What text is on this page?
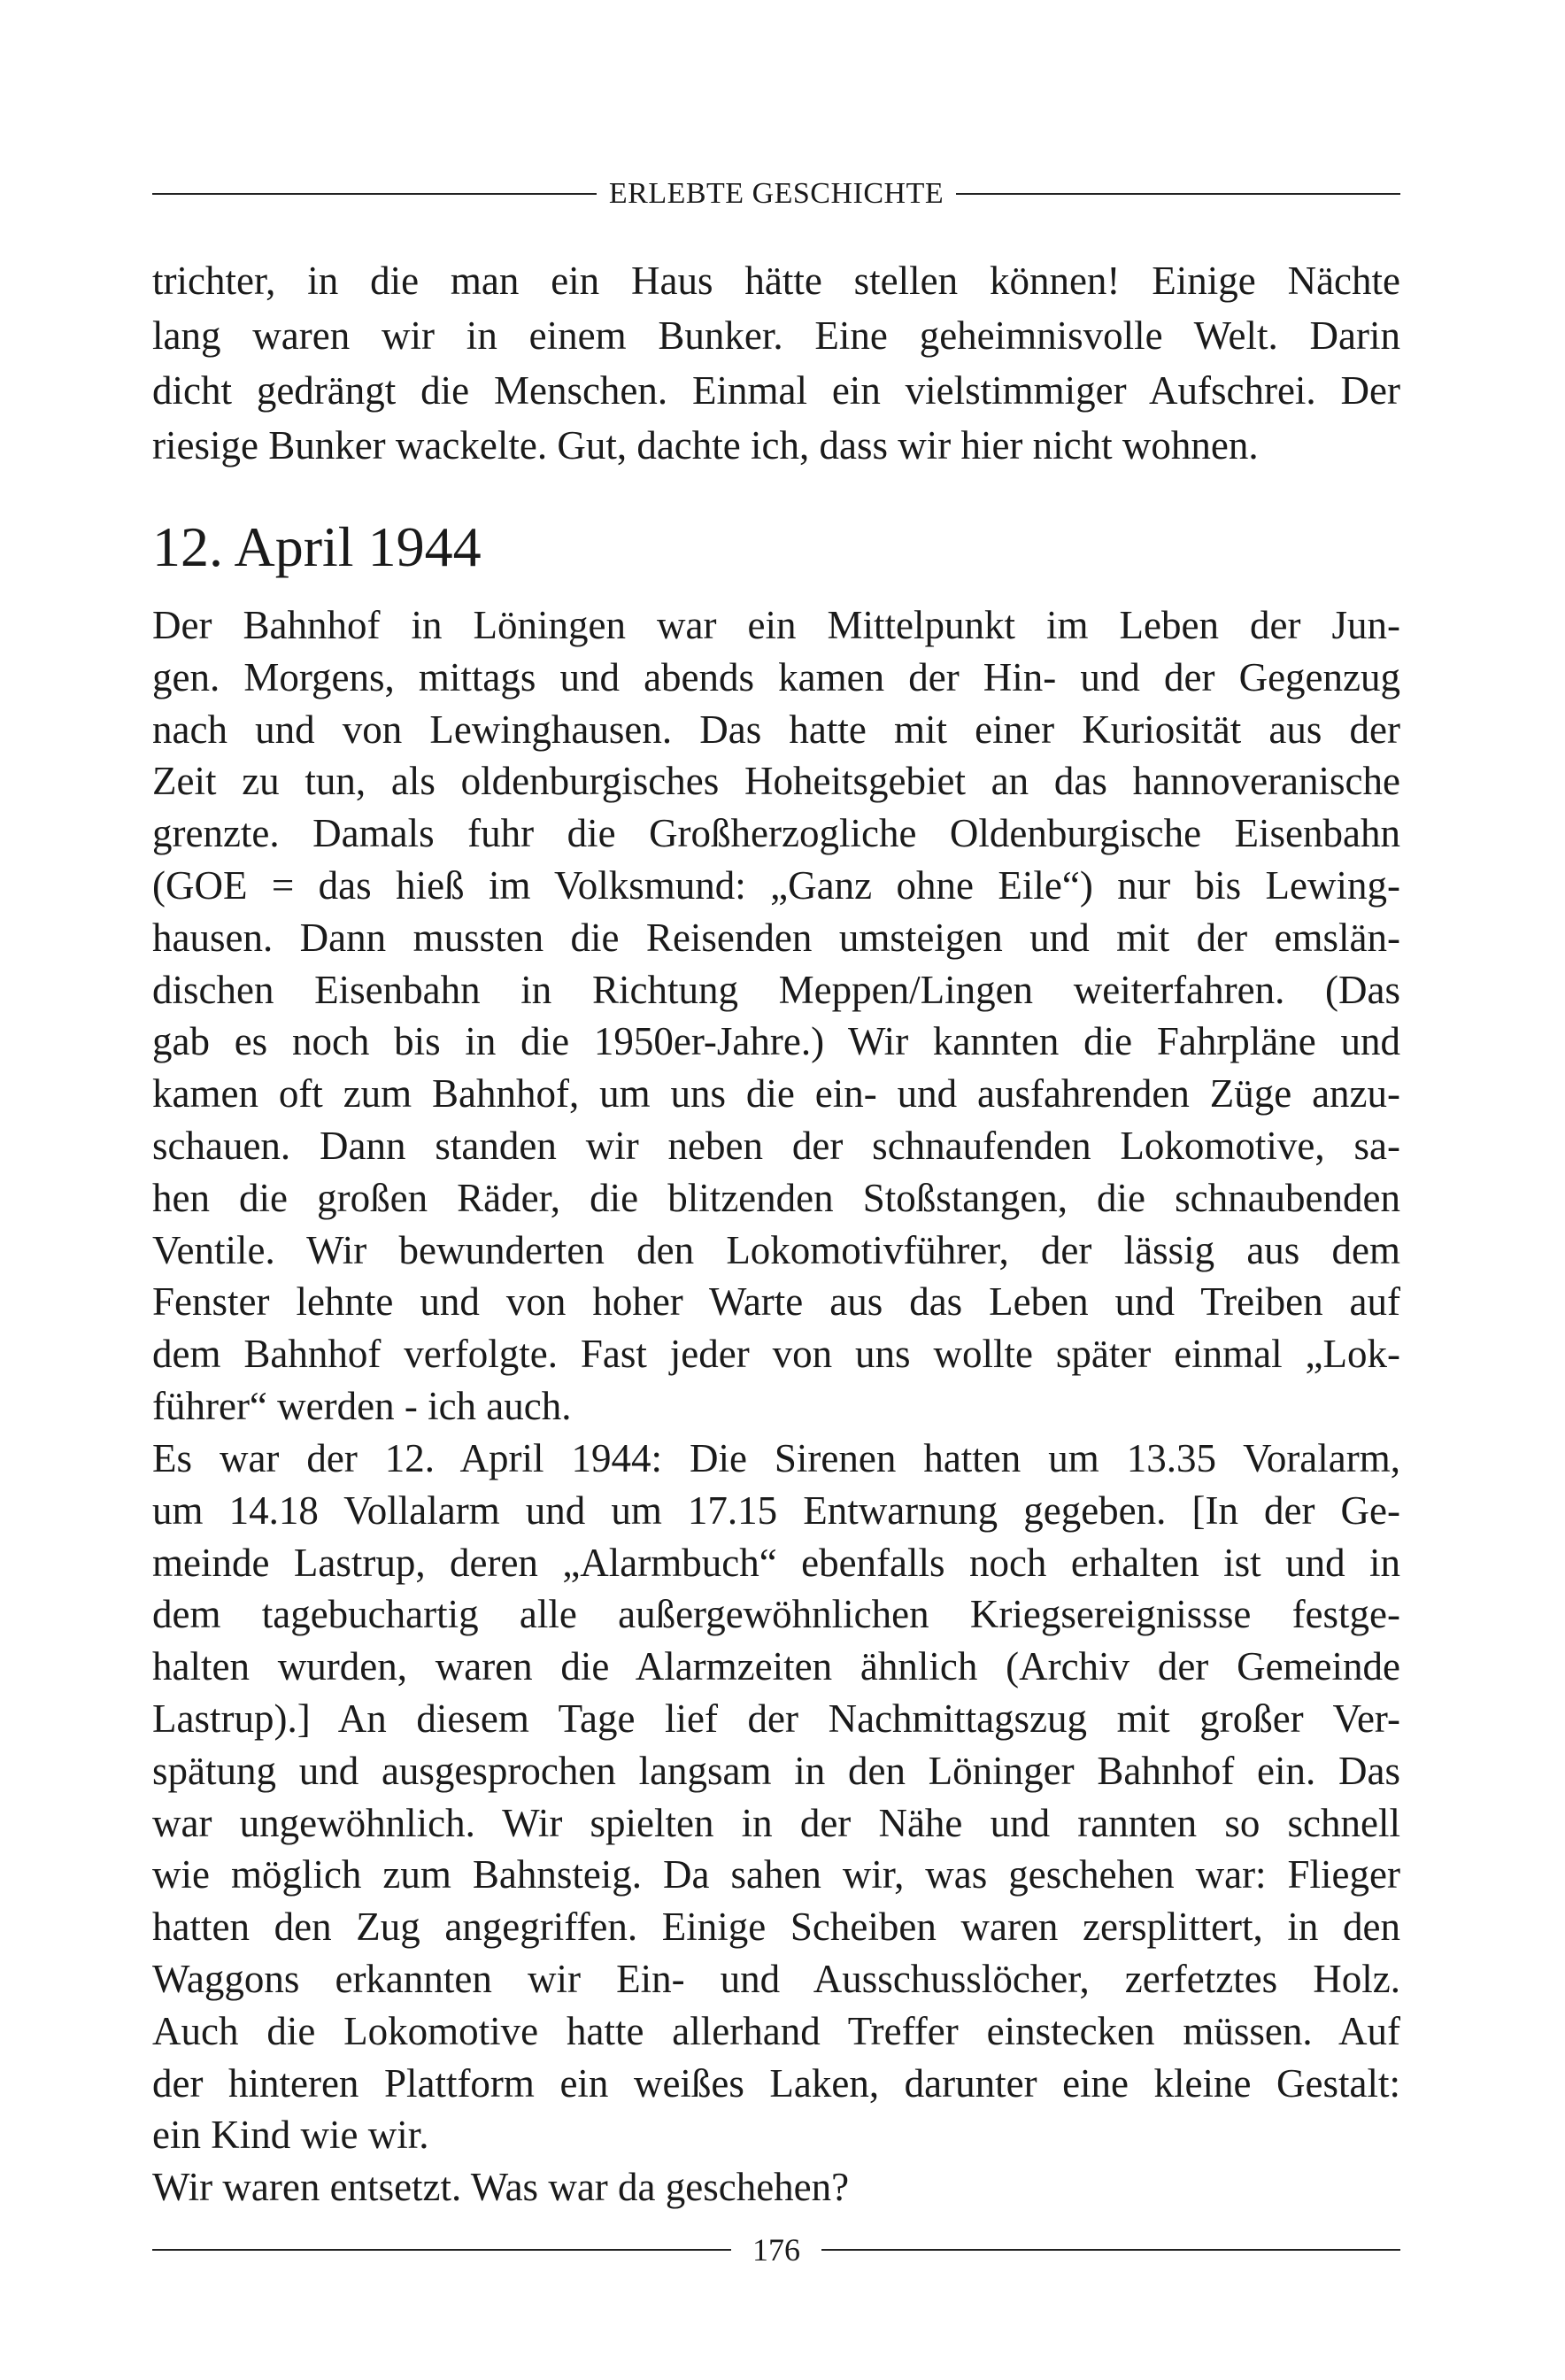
ERLEBTE GESCHICHTE
trichter, in die man ein Haus hätte stellen können! Einige Nächte
lang waren wir in einem Bunker. Eine geheimnisvolle Welt. Darin
dicht gedrängt die Menschen. Einmal ein vielstimmiger Aufschrei. Der
riesige Bunker wackelte. Gut, dachte ich, dass wir hier nicht wohnen.
12. April 1944
Der Bahnhof in Löningen war ein Mittelpunkt im Leben der Jun-
gen. Morgens, mittags und abends kamen der Hin- und der Gegenzug
nach und von Lewinghausen. Das hatte mit einer Kuriosität aus der
Zeit zu tun, als oldenburgisches Hoheitsgebiet an das hannoveranische
grenzte. Damals fuhr die Großherzogliche Oldenburgische Eisenbahn
(GOE = das hieß im Volksmund: „Ganz ohne Eile“) nur bis Lewing-
hausen. Dann mussten die Reisenden umsteigen und mit der emslän-
dischen Eisenbahn in Richtung Meppen/Lingen weiterfahren. (Das
gab es noch bis in die 1950er-Jahre.) Wir kannten die Fahrpläne und
kamen oft zum Bahnhof, um uns die ein- und ausfahrenden Züge anzu-
schauen. Dann standen wir neben der schnaufenden Lokomotive, sa-
hen die großen Räder, die blitzenden Stoßstangen, die schnaubenden
Ventile. Wir bewunderten den Lokomotivführer, der lässig aus dem
Fenster lehnte und von hoher Warte aus das Leben und Treiben auf
dem Bahnhof verfolgte. Fast jeder von uns wollte später einmal „Lok-
führer“ werden - ich auch.
Es war der 12. April 1944: Die Sirenen hatten um 13.35 Voralarm,
um 14.18 Vollalarm und um 17.15 Entwarnung gegeben. [In der Ge-
meinde Lastrup, deren „Alarmbuch“ ebenfalls noch erhalten ist und in
dem tagebuchartig alle außergewöhnlichen Kriegsereignissse festge-
halten wurden, waren die Alarmzeiten ähnlich (Archiv der Gemeinde
Lastrup).] An diesem Tage lief der Nachmittagszug mit großer Ver-
spätung und ausgesprochen langsam in den Löninger Bahnhof ein. Das
war ungewöhnlich. Wir spielten in der Nähe und rannten so schnell
wie möglich zum Bahnsteig. Da sahen wir, was geschehen war: Flieger
hatten den Zug angegriffen. Einige Scheiben waren zersplittert, in den
Waggons erkannten wir Ein- und Ausschusslöcher, zerfetztes Holz.
Auch die Lokomotive hatte allerhand Treffer einstecken müssen. Auf
der hinteren Plattform ein weißes Laken, darunter eine kleine Gestalt:
ein Kind wie wir.
Wir waren entsetzt. Was war da geschehen?
176
